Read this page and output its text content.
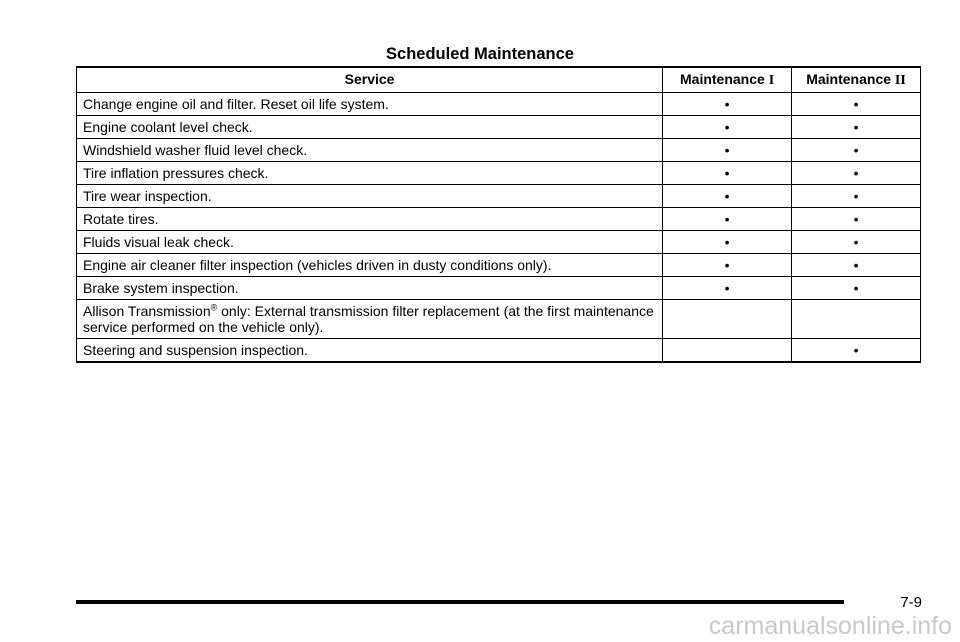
Scheduled Maintenance
Service	Maintenance I	Maintenance II
Change engine oil and filter. Reset oil life system.	•	•
Engine coolant level check.	•	•
Windshield washer fluid level check.	•	•
Tire inflation pressures check.	•	•
Tire wear inspection.	•	•
Rotate tires.	•	•
Fluids visual leak check.	•	•
Engine air cleaner filter inspection (vehicles driven in dusty conditions only).	•	•
Brake system inspection.	•	•
Allison Transmission® only: External transmission filter replacement (at the first maintenance service performed on the vehicle only).		
Steering and suspension inspection.		•
7-9
carmanualsonline.info
